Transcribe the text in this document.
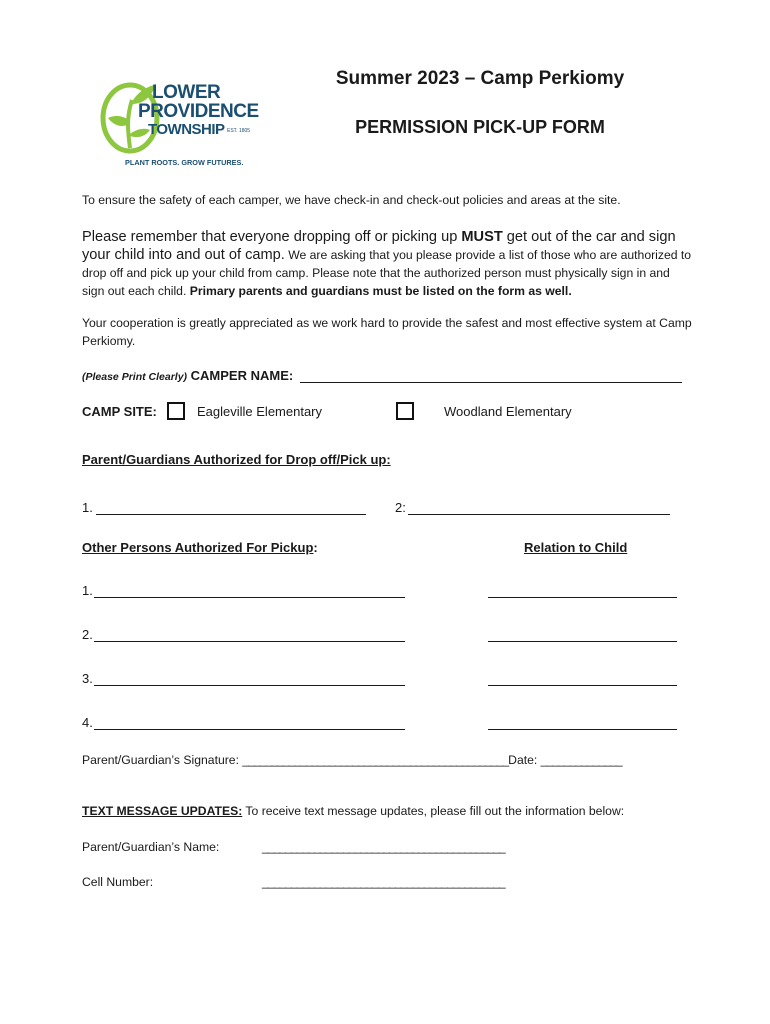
LOWER
PROVIDENCE
TOWNSHIP EST. 1805
PLANT ROOTS. GROW FUTURES.
Summer 2023 – Camp Perkiomy
PERMISSION PICK-UP FORM
To ensure the safety of each camper, we have check-in and check-out policies and areas at the site.
Please remember that everyone dropping off or picking up MUST get out of the car and sign your child into and out of camp. We are asking that you please provide a list of those who are authorized to drop off and pick up your child from camp. Please note that the authorized person must physically sign in and sign out each child. Primary parents and guardians must be listed on the form as well.
Your cooperation is greatly appreciated as we work hard to provide the safest and most effective system at Camp Perkiomy.
(Please Print Clearly) CAMPER NAME:
CAMP SITE:	Eagleville Elementary	Woodland Elementary
Parent/Guardians Authorized for Drop off/Pick up:
1.	2:
Other Persons Authorized For Pickup:	Relation to Child
1.
2.
3.
4.
Parent/Guardian’s Signature: ______________________________________________Date: ______________
TEXT MESSAGE UPDATES: To receive text message updates, please fill out the information below:
Parent/Guardian’s Name:	__________________________________________
Cell Number:	__________________________________________
